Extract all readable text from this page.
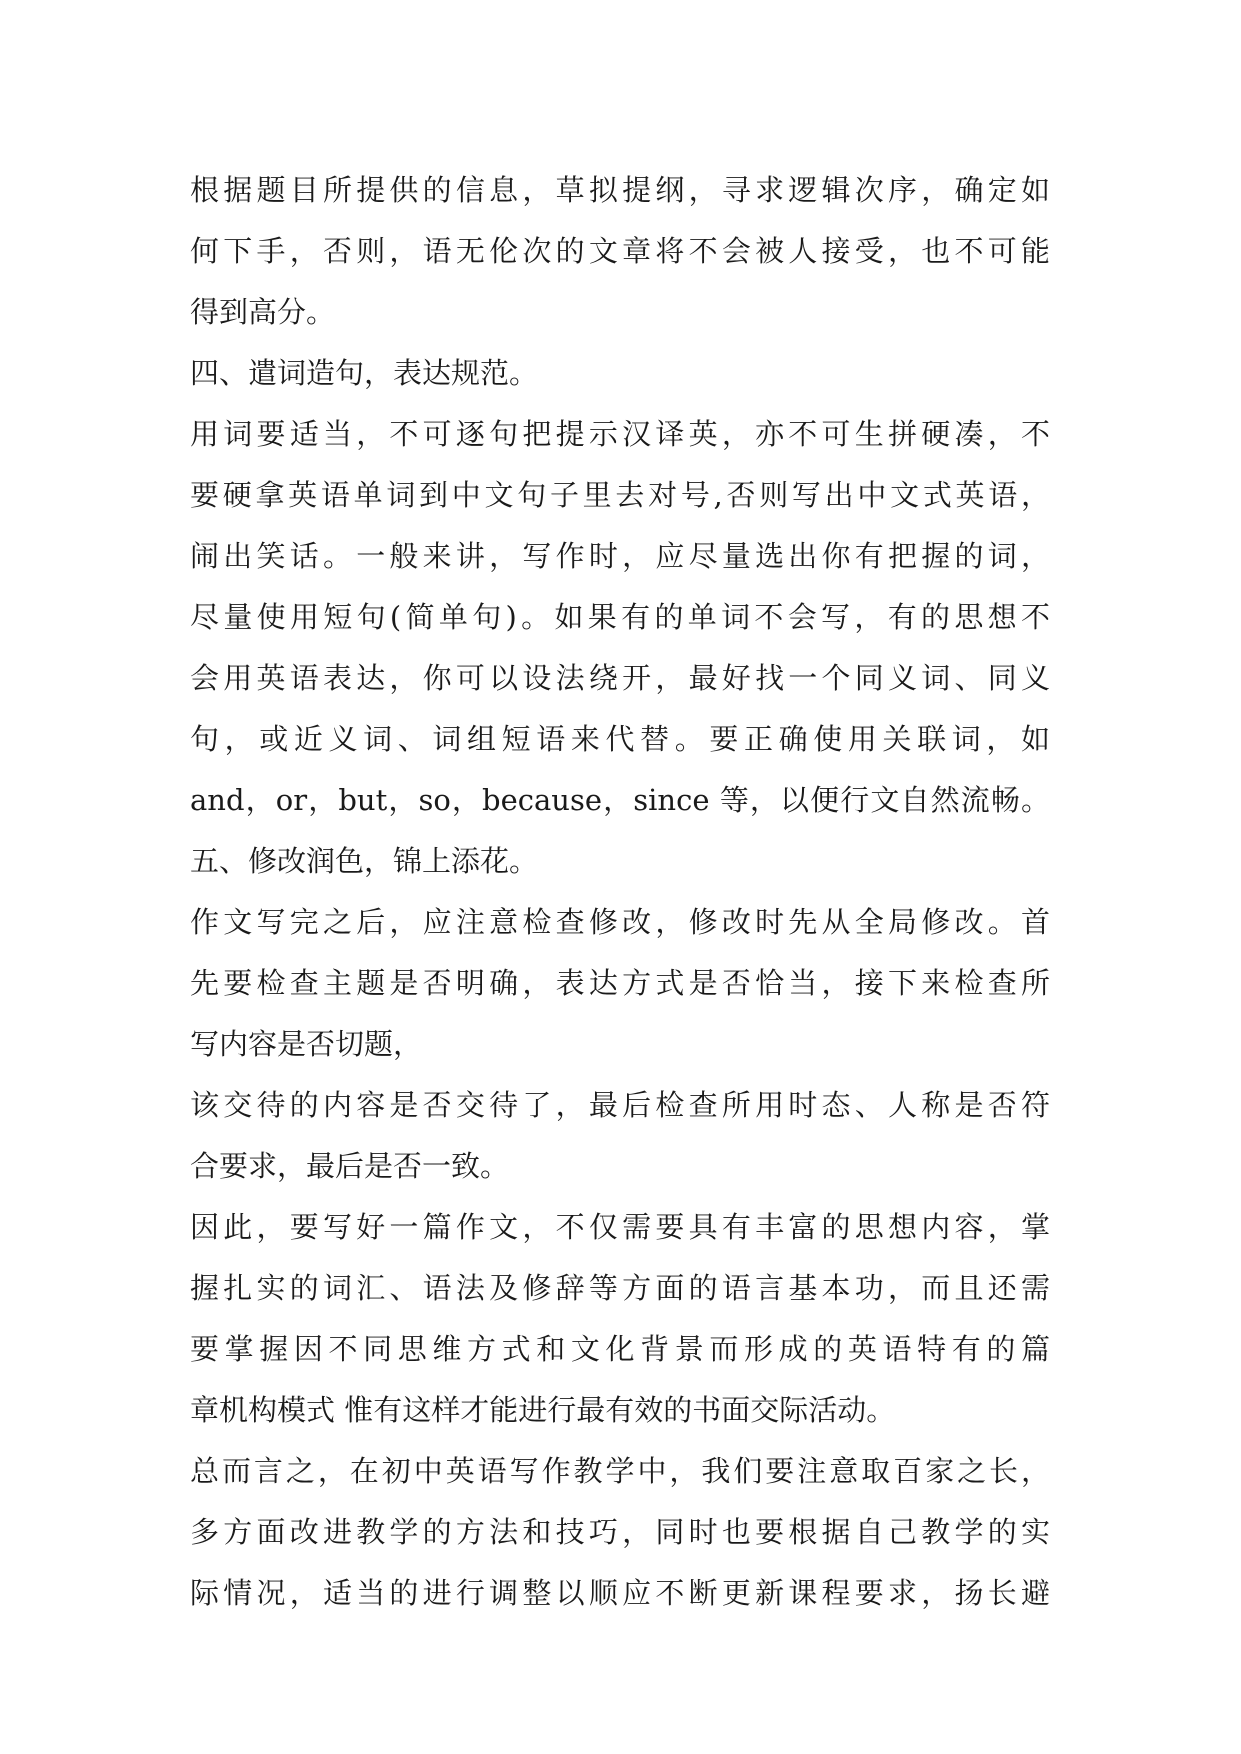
根据题目所提供的信息，草拟提纲，寻求逻辑次序，确定如
何下手，否则，语无伦次的文章将不会被人接受，也不可能
得到高分。
四、遣词造句，表达规范。
用词要适当，不可逐句把提示汉译英，亦不可生拼硬凑，不
要硬拿英语单词到中文句子里去对号,否则写出中文式英语，
闹出笑话。一般来讲，写作时，应尽量选出你有把握的词，
尽量使用短句(简单句)。如果有的单词不会写，有的思想不
会用英语表达，你可以设法绕开，最好找一个同义词、同义
句，或近义词、词组短语来代替。要正确使用关联词，如
and，or，but，so，because，since 等，以便行文自然流畅。
五、修改润色，锦上添花。
作文写完之后，应注意检查修改，修改时先从全局修改。首
先要检查主题是否明确，表达方式是否恰当，接下来检查所
写内容是否切题，
该交待的内容是否交待了，最后检查所用时态、人称是否符
合要求，最后是否一致。
因此，要写好一篇作文，不仅需要具有丰富的思想内容，掌
握扎实的词汇、语法及修辞等方面的语言基本功，而且还需
要掌握因不同思维方式和文化背景而形成的英语特有的篇
章机构模式 惟有这样才能进行最有效的书面交际活动。
总而言之，在初中英语写作教学中，我们要注意取百家之长，
多方面改进教学的方法和技巧，同时也要根据自己教学的实
际情况，适当的进行调整以顺应不断更新课程要求，扬长避
